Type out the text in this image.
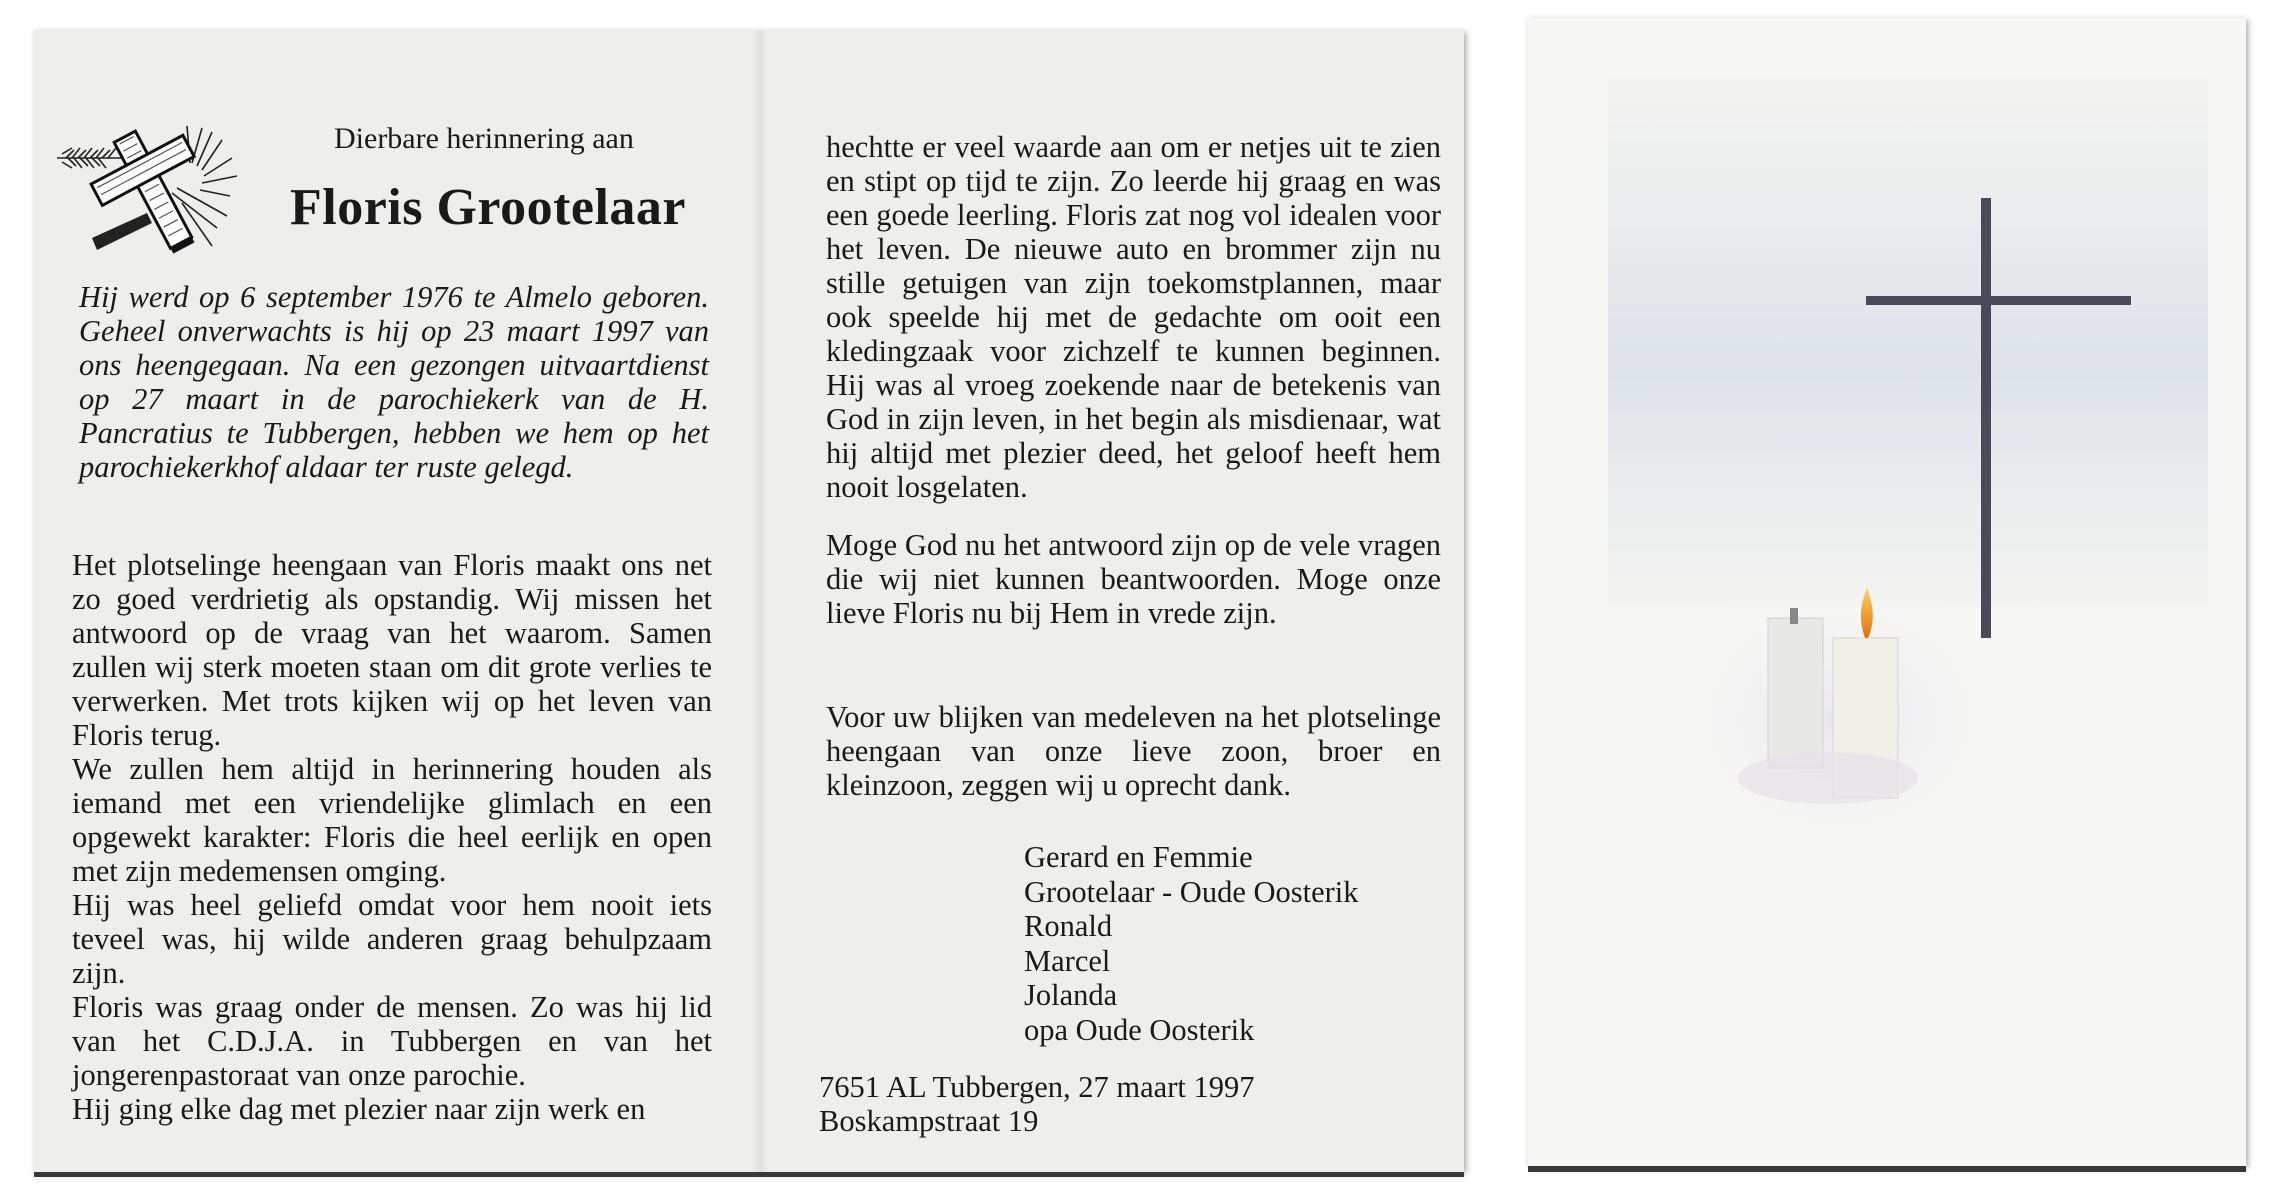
Dierbare herinnering aan
Floris Grootelaar

Hij werd op 6 september 1976 te Almelo geboren. Geheel onverwachts is hij op 23 maart 1997 van ons heengegaan. Na een gezongen uitvaartdienst op 27 maart in de parochiekerk van de H. Pancratius te Tubbergen, hebben we hem op het parochiekerkhof aldaar ter ruste gelegd.

Het plotselinge heengaan van Floris maakt ons net zo goed verdrietig als opstandig. Wij missen het antwoord op de vraag van het waarom. Samen zullen wij sterk moeten staan om dit grote verlies te verwerken. Met trots kijken wij op het leven van Floris terug.
We zullen hem altijd in herinnering houden als iemand met een vriendelijke glimlach en een opgewekt karakter: Floris die heel eerlijk en open met zijn medemensen omging.
Hij was heel geliefd omdat voor hem nooit iets teveel was, hij wilde anderen graag behulpzaam zijn.
Floris was graag onder de mensen. Zo was hij lid van het C.D.J.A. in Tubbergen en van het jongerenpastoraat van onze parochie.
Hij ging elke dag met plezier naar zijn werk en

hechtte er veel waarde aan om er netjes uit te zien en stipt op tijd te zijn. Zo leerde hij graag en was een goede leerling. Floris zat nog vol idealen voor het leven. De nieuwe auto en brommer zijn nu stille getuigen van zijn toekomstplannen, maar ook speelde hij met de gedachte om ooit een kledingzaak voor zichzelf te kunnen beginnen. Hij was al vroeg zoekende naar de betekenis van God in zijn leven, in het begin als misdienaar, wat hij altijd met plezier deed, het geloof heeft hem nooit losgelaten.

Moge God nu het antwoord zijn op de vele vragen die wij niet kunnen beantwoorden. Moge onze lieve Floris nu bij Hem in vrede zijn.

Voor uw blijken van medeleven na het plotselinge heengaan van onze lieve zoon, broer en kleinzoon, zeggen wij u oprecht dank.

Gerard en Femmie
Grootelaar - Oude Oosterik
Ronald
Marcel
Jolanda
opa Oude Oosterik
7651 AL Tubbergen, 27 maart 1997
Boskampstraat 19
